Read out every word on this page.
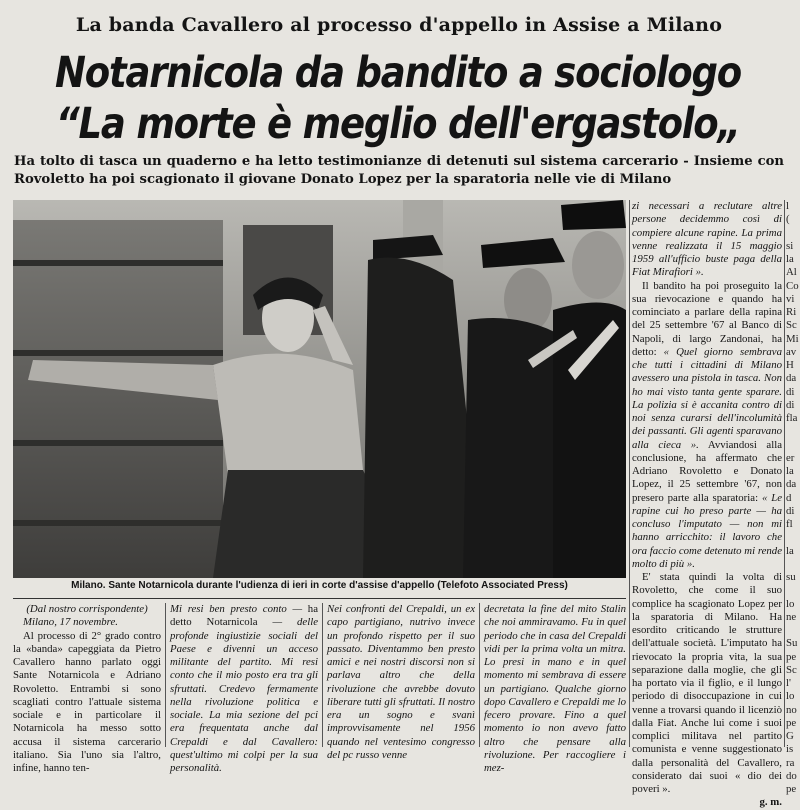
La banda Cavallero al processo d'appello in Assise a Milano
Notarnicola da bandito a sociologo
“La morte è meglio dell'ergastolo„
Ha tolto di tasca un quaderno e ha letto testimonianze di detenuti sul sistema carcerario - Insieme con Rovoletto ha poi scagionato il giovane Donato Lopez per la sparatoria nelle vie di Milano
Milano. Sante Notarnicola durante l'udienza di ieri in corte d'assise d'appello (Telefoto Associated Press)

(Dal nostro corrispondente)

Milano, 17 novembre.

Al processo di 2° grado contro la «banda» capeggiata da Pietro Cavallero hanno parlato oggi Sante Notarnicola e Adriano Rovoletto. Entrambi si sono scagliati contro l'attuale sistema sociale e in particolare il Notarnicola ha messo sotto accusa il sistema carcerario italiano. Sia l'uno sia l'altro, infine, hanno ten-

Mi resi ben presto conto — ha detto Notarnicola — delle profonde ingiustizie sociali del Paese e divenni un acceso militante del partito. Mi resi conto che il mio posto era tra gli sfruttati. Credevo fermamente nella rivoluzione politica e sociale. La mia sezione del pci era frequentata anche dal Crepaldi e dal Cavallero: quest'ultimo mi colpi per la sua personalità.

Nei confronti del Crepaldi, un ex capo partigiano, nutrivo invece un profondo rispetto per il suo passato. Diventammo ben presto amici e nei nostri discorsi non si parlava altro che della rivoluzione che avrebbe dovuto liberare tutti gli sfruttati. Il nostro era un sogno e svanì improvvisamente nel 1956 quando nel ventesimo congresso del pc russo venne

decretata la fine del mito Stalin che noi ammiravamo. Fu in quel periodo che in casa del Crepaldi vidi per la prima volta un mitra. Lo presi in mano e in quel momento mi sembrava di essere un partigiano. Qualche giorno dopo Cavallero e Crepaldi me lo fecero provare. Fino a quel momento io non avevo fatto altro che pensare alla rivoluzione. Per raccogliere i mez-

zi necessari a reclutare altre persone decidemmo così di compiere alcune rapine. La prima venne realizzata il 15 maggio 1959 all'ufficio buste paga della Fiat Mirafiori ».

Il bandito ha poi proseguito la sua rievocazione e quando ha cominciato a parlare della rapina del 25 settembre '67 al Banco di Napoli, di largo Zandonai, ha detto: « Quel giorno sembrava che tutti i cittadini di Milano avessero una pistola in tasca. Non ho mai visto tanta gente sparare. La polizia si è accanita contro di noi senza curarsi dell'incolumità dei passanti. Gli agenti sparavano alla cieca ». Avviandosi alla conclusione, ha affermato che Adriano Rovoletto e Donato Lopez, il 25 settembre '67, non presero parte alla sparatoria: « Le rapine cui ho preso parte — ha concluso l'imputato — non mi hanno arricchito: il lavoro che ora faccio come detenuto mi rende molto di più ».

E' stata quindi la volta di Rovoletto, che come il suo complice ha scagionato Lopez per la sparatoria di Milano. Ha esordito criticando le strutture dell'attuale società. L'imputato ha rievocato la propria vita, la sua separazione dalla moglie, che gli ha portato via il figlio, e il lungo periodo di disoccupazione in cui venne a trovarsi quando il licenziò dalla Fiat. Anche lui come i suoi complici militava nel partito comunista e venne suggestionato dalla personalità del Cavallero, considerato dai suoi « dio dei poveri ».

g. m.

l
(

si
la
Al
Co
vi
Ri
Sc
Mi
av
H
da
di
di
fla

er
la
da
d
di
fl

la

su

lo
ne

Su
pe
Sc
l'
lo
no
pe
G
is
ra
do
pe
